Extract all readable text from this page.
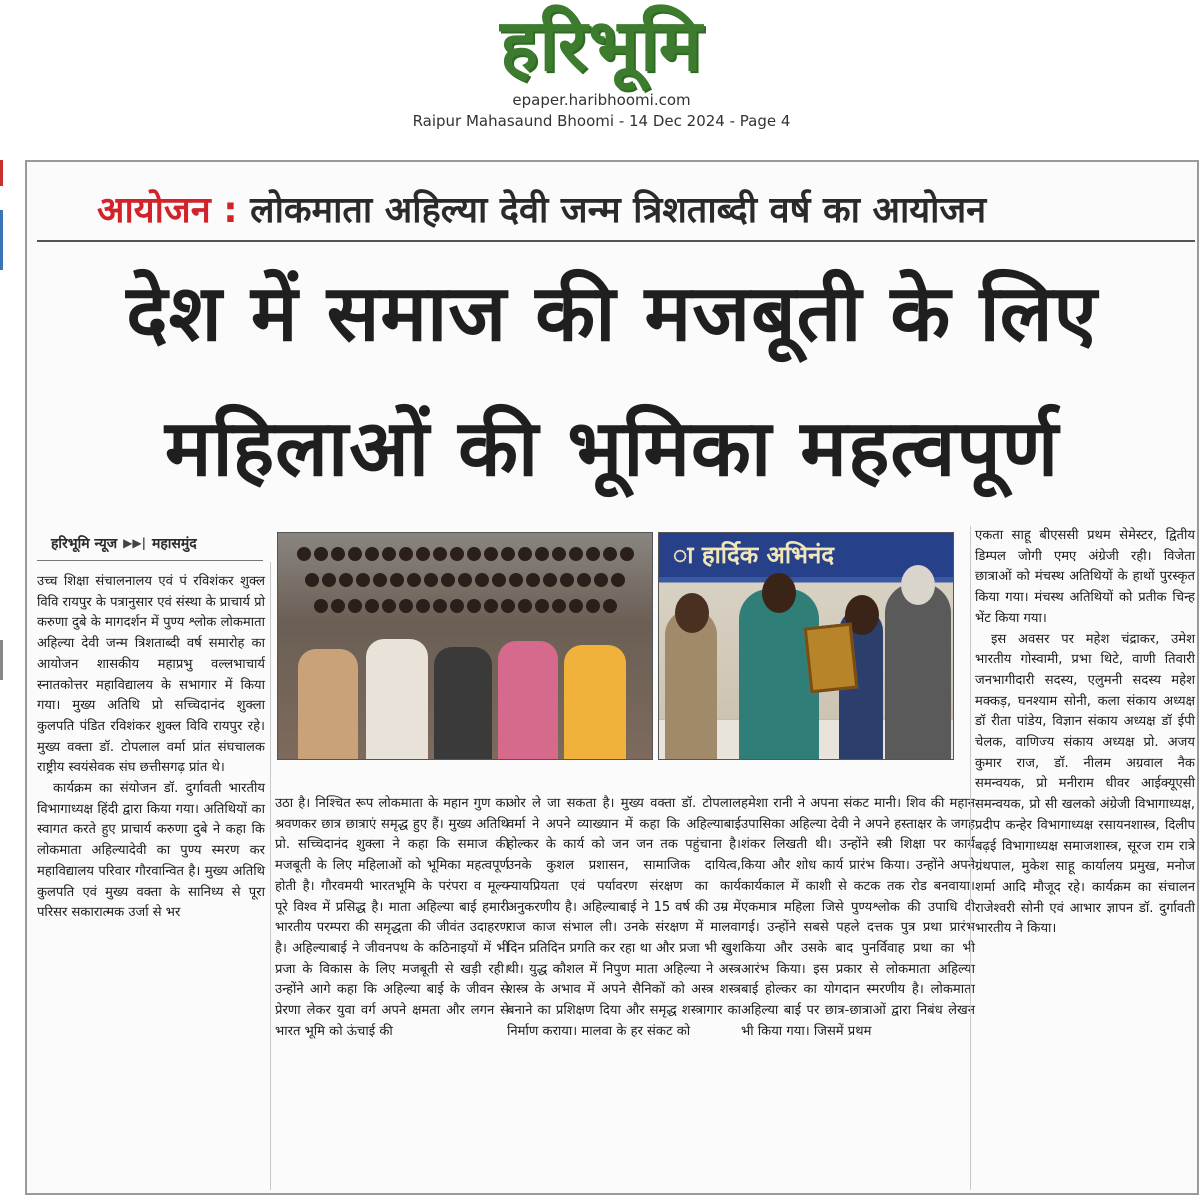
हरिभूमि
epaper.haribhoomi.com
Raipur Mahasaund Bhoomi - 14 Dec 2024 - Page 4
आयोजन : लोकमाता अहिल्या देवी जन्म त्रिशताब्दी वर्ष का आयोजन
देश में समाज की मजबूती के लिए
महिलाओं की भूमिका महत्वपूर्ण
हरिभूमि न्यूज ▶▶| महासमुंद	ा हार्दिक अभिनंद

उच्च शिक्षा संचालनालय एवं पं रविशंकर शुक्ल विवि रायपुर के पत्रानुसार एवं संस्था के प्राचार्य प्रो करुणा दुबे के मागदर्शन में पुण्य श्लोक लोकमाता अहिल्या देवी जन्म त्रिशताब्दी वर्ष समारोह का आयोजन शासकीय महाप्रभु वल्लभाचार्य स्नातकोत्तर महाविद्यालय के सभागार में किया गया। मुख्य अतिथि प्रो सच्चिदानंद शुक्ला कुलपति पंडित रविशंकर शुक्ल विवि रायपुर रहे। मुख्य वक्ता डॉ. टोपलाल वर्मा प्रांत संघचालक राष्ट्रीय स्वयंसेवक संघ छत्तीसगढ़ प्रांत थे।

कार्यक्रम का संयोजन डॉ. दुर्गावती भारतीय विभागाध्यक्ष हिंदी द्वारा किया गया। अतिथियों का स्वागत करते हुए प्राचार्य करुणा दुबे ने कहा कि लोकमाता अहिल्यादेवी का पुण्य स्मरण कर महाविद्यालय परिवार गौरवान्वित है। मुख्य अतिथि कुलपति एवं मुख्य वक्ता के सानिध्य से पूरा परिसर सकारात्मक उर्जा से भर

उठा है। निश्चित रूप लोकमाता के महान गुण का श्रवणकर छात्र छात्राएं समृद्ध हुए हैं। मुख्य अतिथि प्रो. सच्चिदानंद शुक्ला ने कहा कि समाज की मजबूती के लिए महिलाओं को भूमिका महत्वपूर्ण होती है। गौरवमयी भारतभूमि के परंपरा व मूल्य पूरे विश्व में प्रसिद्ध है। माता अहिल्या बाई हमारी भारतीय परम्परा की समृद्धता की जीवंत उदाहरण है। अहिल्याबाई ने जीवनपथ के कठिनाइयों में भी प्रजा के विकास के लिए मजबूती से खड़ी रही। उन्होंने आगे कहा कि अहिल्या बाई के जीवन से प्रेरणा लेकर युवा वर्ग अपने क्षमता और लगन से भारत भूमि को ऊंचाई की

ओर ले जा सकता है। मुख्य वक्ता डॉ. टोपलाल वर्मा ने अपने व्याख्यान में कहा कि अहिल्याबाई होल्कर के कार्य को जन जन तक पहुंचाना है। उनके कुशल प्रशासन, सामाजिक दायित्व, न्यायप्रियता एवं पर्यावरण संरक्षण का कार्य अनुकरणीय है। अहिल्याबाई ने 15 वर्ष की उम्र में राज काज संभाल ली। उनके संरक्षण में मालवा दिन प्रतिदिन प्रगति कर रहा था और प्रजा भी खुश थी। युद्ध कौशल में निपुण माता अहिल्या ने अस्त्र शस्त्र के अभाव में अपने सैनिकों को अस्त्र शस्त्र बनाने का प्रशिक्षण दिया और समृद्ध शस्त्रागार का निर्माण कराया। मालवा के हर संकट को

हमेशा रानी ने अपना संकट मानी। शिव की महान उपासिका अहिल्या देवी ने अपने हस्ताक्षर के जगह शंकर लिखती थी। उन्होंने स्त्री शिक्षा पर कार्य किया और शोध कार्य प्रारंभ किया। उन्होंने अपने कार्यकाल में काशी से कटक तक रोड बनवाया। एकमात्र महिला जिसे पुण्यश्लोक की उपाधि दी गई। उन्होंने सबसे पहले दत्तक पुत्र प्रथा प्रारंभ किया और उसके बाद पुनर्विवाह प्रथा का भी आरंभ किया। इस प्रकार से लोकमाता अहिल्या बाई होल्कर का योगदान स्मरणीय है। लोकमाता अहिल्या बाई पर छात्र-छात्राओं द्वारा निबंध लेखन भी किया गया। जिसमें प्रथम

एकता साहू बीएससी प्रथम सेमेस्टर, द्वितीय डिम्पल जोगी एमए अंग्रेजी रही। विजेता छात्राओं को मंचस्थ अतिथियों के हाथों पुरस्कृत किया गया। मंचस्थ अतिथियों को प्रतीक चिन्ह भेंट किया गया।

इस अवसर पर महेश चंद्राकर, उमेश भारतीय गोस्वामी, प्रभा थिटे, वाणी तिवारी जनभागीदारी सदस्य, एलुमनी सदस्य महेश मक्कड़, घनश्याम सोनी, कला संकाय अध्यक्ष डॉ रीता पांडेय, विज्ञान संकाय अध्यक्ष डॉ ईपी चेलक, वाणिज्य संकाय अध्यक्ष प्रो. अजय कुमार राज, डॉ. नीलम अग्रवाल नैक समन्वयक, प्रो मनीराम धीवर आईक्यूएसी समन्वयक, प्रो सी खलको अंग्रेजी विभागाध्यक्ष, प्रदीप कन्हेर विभागाध्यक्ष रसायनशास्त्र, दिलीप बढ़ई विभागाध्यक्ष समाजशास्त्र, सूरज राम रात्रे ग्रंथपाल, मुकेश साहू कार्यालय प्रमुख, मनोज शर्मा आदि मौजूद रहे। कार्यक्रम का संचालन राजेश्वरी सोनी एवं आभार ज्ञापन डॉ. दुर्गावती भारतीय ने किया।
